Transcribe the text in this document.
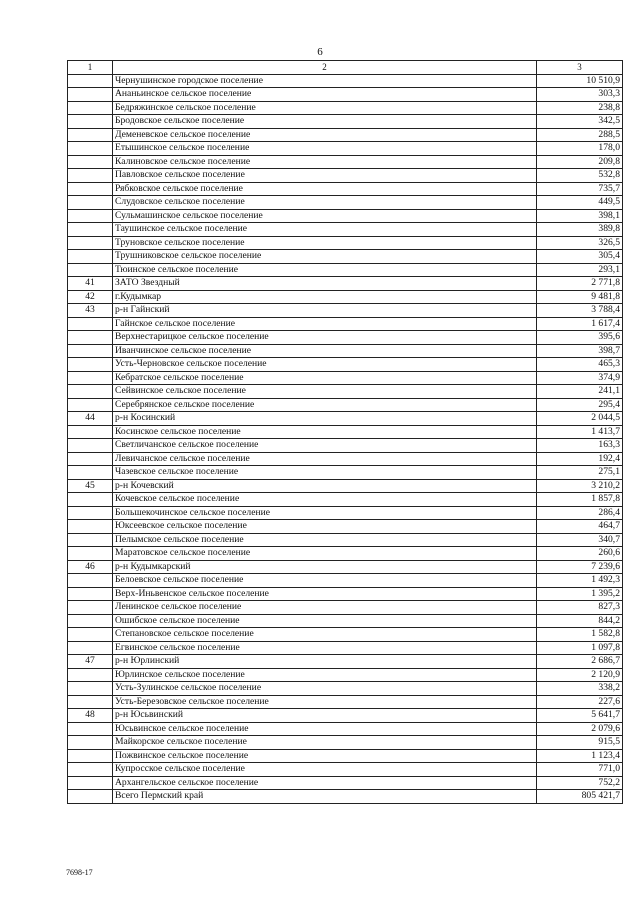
6
1	2	3
	Чернушинское городское поселение	10 510,9
	Ананьинское сельское поселение	303,3
	Бедряжинское сельское поселение	238,8
	Бродовское сельское поселение	342,5
	Деменевское сельское поселение	288,5
	Етышинское сельское поселение	178,0
	Калиновское сельское поселение	209,8
	Павловское сельское поселение	532,8
	Рябковское сельское поселение	735,7
	Слудовское сельское поселение	449,5
	Сульмашинское сельское поселение	398,1
	Таушинское сельское поселение	389,8
	Труновское сельское поселение	326,5
	Трушниковское сельское поселение	305,4
	Тюинское сельское поселение	293,1
41	ЗАТО Звездный	2 771,8
42	г.Кудымкар	9 481,8
43	р-н Гайнский	3 788,4
	Гайнское сельское поселение	1 617,4
	Верхнестарицкое сельское поселение	395,6
	Иванчинское сельское поселение	398,7
	Усть-Черновское сельское поселение	465,3
	Кебратское сельское поселение	374,9
	Сейвинское сельское поселение	241,1
	Серебрянское сельское поселение	295,4
44	р-н Косинский	2 044,5
	Косинское сельское поселение	1 413,7
	Светличанское сельское поселение	163,3
	Левичанское сельское поселение	192,4
	Чазевское сельское поселение	275,1
45	р-н Кочевский	3 210,2
	Кочевское сельское поселение	1 857,8
	Большекочинское сельское поселение	286,4
	Юксеевское сельское поселение	464,7
	Пелымское сельское поселение	340,7
	Маратовское сельское поселение	260,6
46	р-н Кудымкарский	7 239,6
	Белоевское сельское поселение	1 492,3
	Верх-Иньвенское сельское поселение	1 395,2
	Ленинское сельское поселение	827,3
	Ошибское сельское поселение	844,2
	Степановское сельское поселение	1 582,8
	Егвинское сельское поселение	1 097,8
47	р-н Юрлинский	2 686,7
	Юрлинское сельское поселение	2 120,9
	Усть-Зулинское сельское поселение	338,2
	Усть-Березовское сельское поселение	227,6
48	р-н Юсьвинский	5 641,7
	Юсьвинское сельское поселение	2 079,6
	Майкорское сельское поселение	915,5
	Пожвинское сельское поселение	1 123,4
	Купросское сельское поселение	771,0
	Архангельское сельское поселение	752,2
	Всего Пермский край	805 421,7
7698-17
